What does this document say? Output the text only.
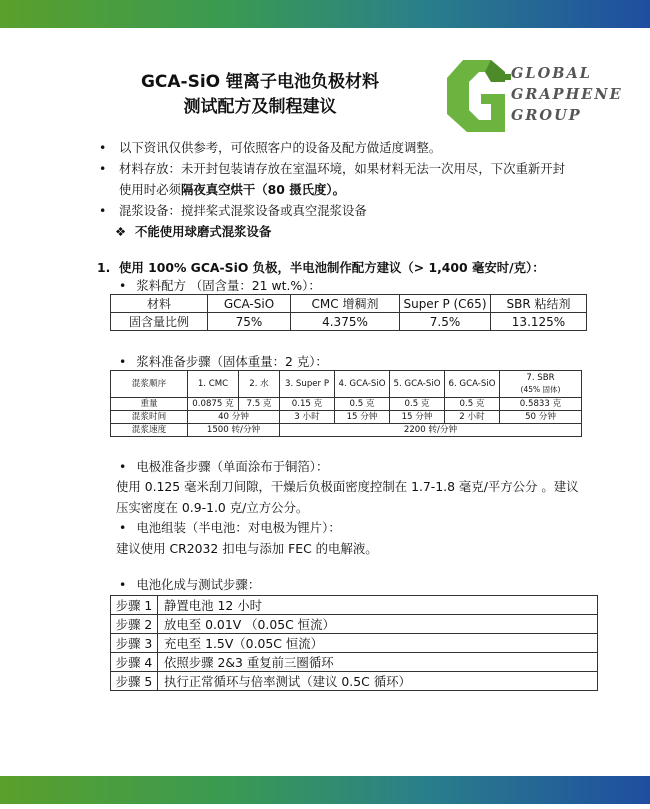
GCA-SiO 锂离子电池负极材料
测试配方及制程建议
GLOBAL
GRAPHENE
GROUP
• 以下资讯仅供参考，可依照客户的设备及配方做适度调整。
• 材料存放：未开封包装请存放在室温环境，如果材料无法一次用尽，下次重新开封
使用时必须隔夜真空烘干（80 摄氏度）。
• 混浆设备：搅拌桨式混浆设备或真空混浆设备
❖ 不能使用球磨式混浆设备
1. 使用 100% GCA-SiO 负极，半电池制作配方建议（> 1,400 毫安时/克）：
• 浆料配方 （固含量：21 wt.%）：
材料	GCA-SiO	CMC 增稠剂	Super P (C65)	SBR 粘结剂
固含量比例	75%	4.375%	7.5%	13.125%
• 浆料准备步骤（固体重量：2 克）：
混浆顺序	1. CMC	2. 水	3. Super P	4. GCA-SiO	5. GCA-SiO	6. GCA-SiO	7. SBR
(45% 固体)

重量	0.0875 克	7.5 克	0.15 克	0.5 克	0.5 克	0.5 克	0.5833 克
混浆时间	40 分钟		3 小时	15 分钟	15 分钟	2 小时	50 分钟
混浆速度	1500 转/分钟		2200 转/分钟				
• 电极准备步骤（单面涂布于铜箔）：
使用 0.125 毫米刮刀间隙，干燥后负极面密度控制在 1.7-1.8 毫克/平方公分 。建议
压实密度在 0.9-1.0 克/立方公分。
• 电池组装（半电池：对电极为锂片）：
建议使用 CR2032 扣电与添加 FEC 的电解液。
• 电池化成与测试步骤：
步骤 1	静置电池 12 小时
步骤 2	放电至 0.01V （0.05C 恒流）
步骤 3	充电至 1.5V（0.05C 恒流）
步骤 4	依照步骤 2&3 重复前三圈循环
步骤 5	执行正常循环与倍率测试（建议 0.5C 循环）
